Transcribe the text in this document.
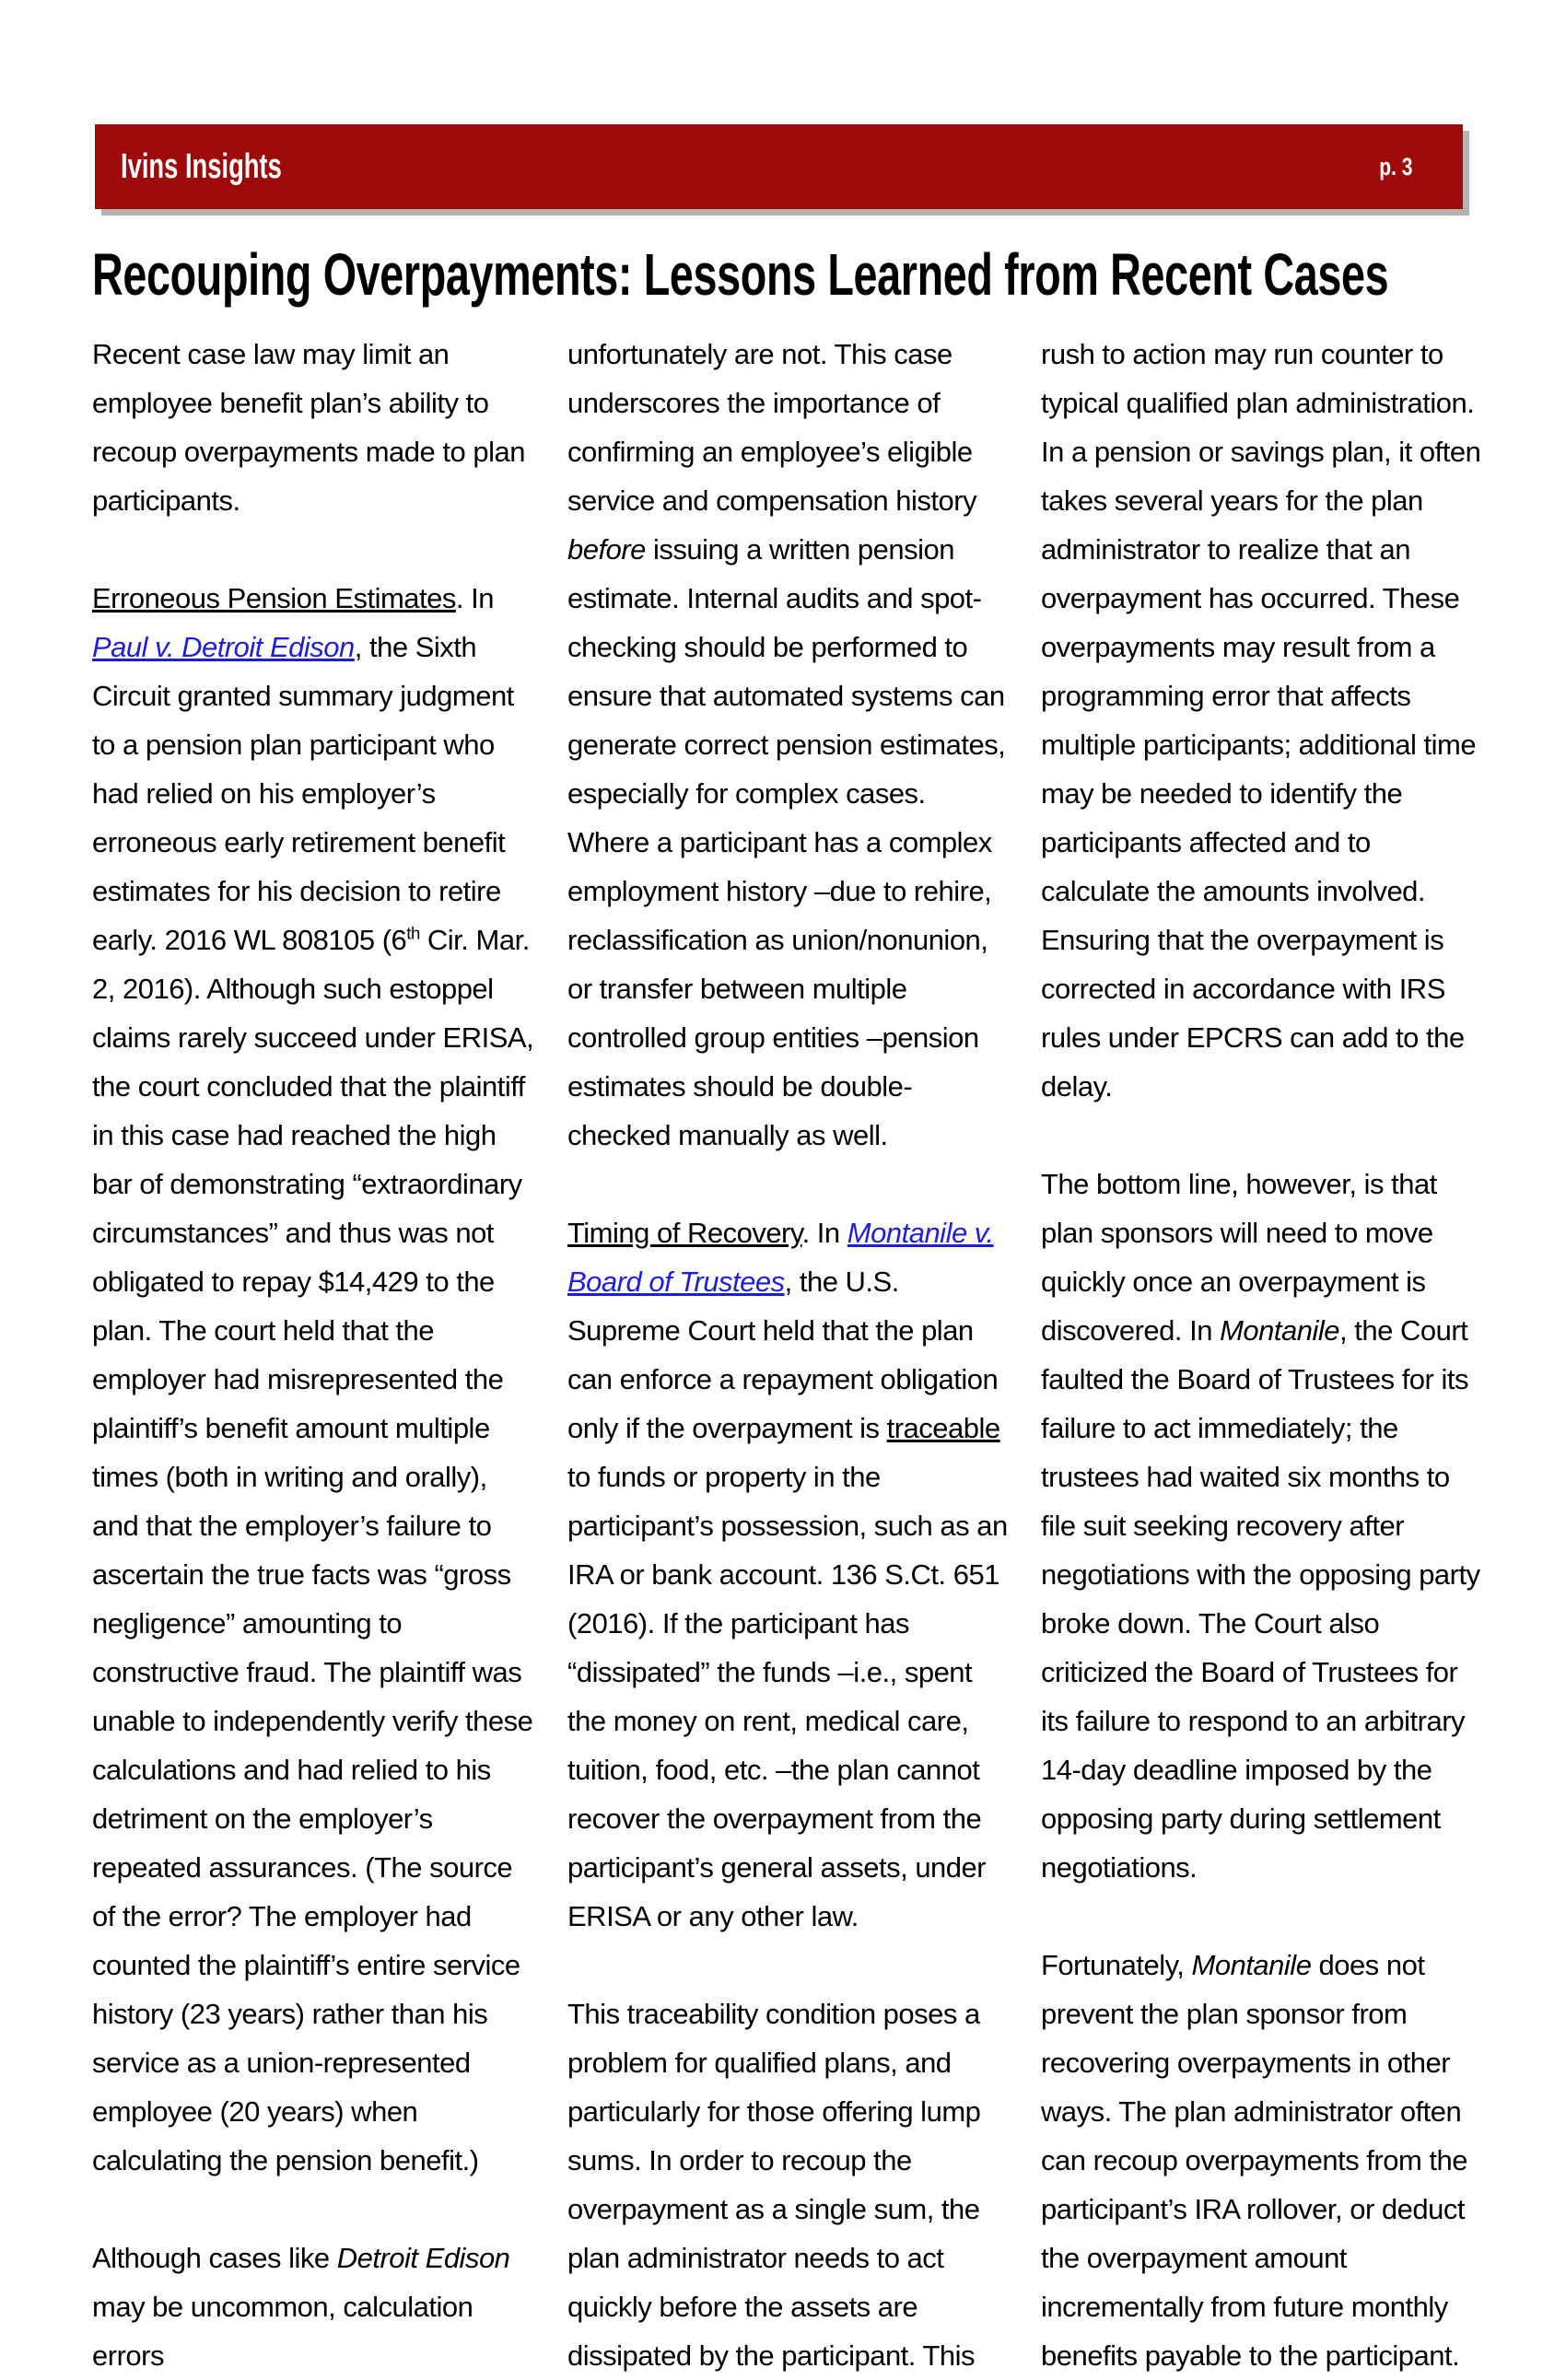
Ivins Insights	p. 3
Recouping Overpayments: Lessons Learned from Recent Cases

Recent case law may limit an employee benefit plan’s ability to recoup overpayments made to plan participants.

Erroneous Pension Estimates. In Paul v. Detroit Edison, the Sixth Circuit granted summary judgment to a pension plan participant who had relied on his employer’s erroneous early retirement benefit estimates for his decision to retire early. 2016 WL 808105 (6th Cir. Mar. 2, 2016). Although such estoppel claims rarely succeed under ERISA, the court concluded that the plaintiff in this case had reached the high bar of demonstrating “extraordinary circumstances” and thus was not obligated to repay $14,429 to the plan. The court held that the employer had misrepresented the plaintiff’s benefit amount multiple times (both in writing and orally), and that the employer’s failure to ascertain the true facts was “gross negligence” amounting to constructive fraud. The plaintiff was unable to independently verify these calculations and had relied to his detriment on the employer’s repeated assurances. (The source of the error? The employer had counted the plaintiff’s entire service history (23 years) rather than his service as a union-represented employee (20 years) when calculating the pension benefit.)

Although cases like Detroit Edison may be uncommon, calculation errors

unfortunately are not. This case underscores the importance of confirming an employee’s eligible service and compensation history before issuing a written pension estimate. Internal audits and spot-checking should be performed to ensure that automated systems can generate correct pension estimates, especially for complex cases. Where a participant has a complex employment history –due to rehire, reclassification as union/nonunion, or transfer between multiple controlled group entities –pension estimates should be double-checked manually as well.

Timing of Recovery. In Montanile v. Board of Trustees, the U.S. Supreme Court held that the plan can enforce a repayment obligation only if the overpayment is traceable to funds or property in the participant’s possession, such as an IRA or bank account. 136 S.Ct. 651 (2016). If the participant has “dissipated” the funds –i.e., spent the money on rent, medical care, tuition, food, etc. –the plan cannot recover the overpayment from the participant’s general assets, under ERISA or any other law.

This traceability condition poses a problem for qualified plans, and particularly for those offering lump sums. In order to recoup the overpayment as a single sum, the plan administrator needs to act quickly before the assets are dissipated by the participant. This

rush to action may run counter to typical qualified plan administration. In a pension or savings plan, it often takes several years for the plan administrator to realize that an overpayment has occurred. These overpayments may result from a programming error that affects multiple participants; additional time may be needed to identify the participants affected and to calculate the amounts involved. Ensuring that the overpayment is corrected in accordance with IRS rules under EPCRS can add to the delay.

The bottom line, however, is that plan sponsors will need to move quickly once an overpayment is discovered. In Montanile, the Court faulted the Board of Trustees for its failure to act immediately; the trustees had waited six months to file suit seeking recovery after negotiations with the opposing party broke down. The Court also criticized the Board of Trustees for its failure to respond to an arbitrary 14-day deadline imposed by the opposing party during settlement negotiations.

Fortunately, Montanile does not prevent the plan sponsor from recovering overpayments in other ways. The plan administrator often can recoup overpayments from the participant’s IRA rollover, or deduct the overpayment amount incrementally from future monthly benefits payable to the participant.
